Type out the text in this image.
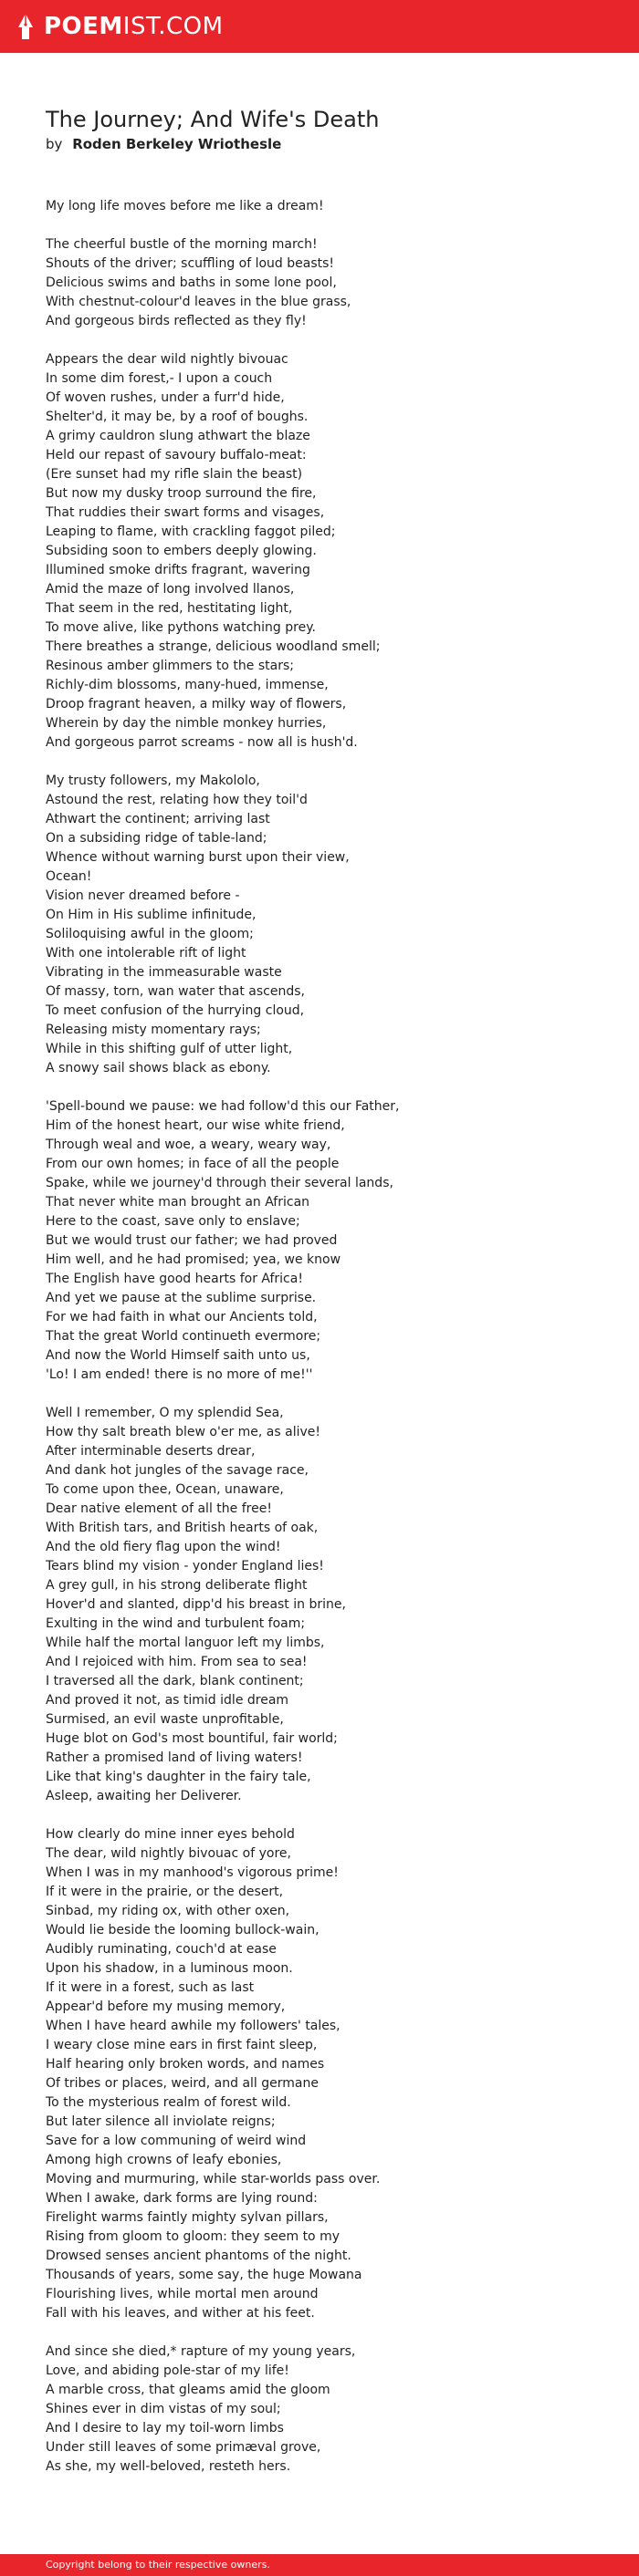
POEMIST.COM
The Journey; And Wife's Death
by Roden Berkeley Wriothesle
My long life moves before me like a dream!
The cheerful bustle of the morning march!
Shouts of the driver; scuffling of loud beasts!
Delicious swims and baths in some lone pool,
With chestnut-colour'd leaves in the blue grass,
And gorgeous birds reflected as they fly!
Appears the dear wild nightly bivouac
In some dim forest,- I upon a couch
Of woven rushes, under a furr'd hide,
Shelter'd, it may be, by a roof of boughs.
A grimy cauldron slung athwart the blaze
Held our repast of savoury buffalo-meat:
(Ere sunset had my rifle slain the beast)
But now my dusky troop surround the fire,
That ruddies their swart forms and visages,
Leaping to flame, with crackling faggot piled;
Subsiding soon to embers deeply glowing.
Illumined smoke drifts fragrant, wavering
Amid the maze of long involved llanos,
That seem in the red, hestitating light,
To move alive, like pythons watching prey.
There breathes a strange, delicious woodland smell;
Resinous amber glimmers to the stars;
Richly-dim blossoms, many-hued, immense,
Droop fragrant heaven, a milky way of flowers,
Wherein by day the nimble monkey hurries,
And gorgeous parrot screams - now all is hush'd.
My trusty followers, my Makololo,
Astound the rest, relating how they toil'd
Athwart the continent; arriving last
On a subsiding ridge of table-land;
Whence without warning burst upon their view,
Ocean!
Vision never dreamed before -
On Him in His sublime infinitude,
Soliloquising awful in the gloom;
With one intolerable rift of light
Vibrating in the immeasurable waste
Of massy, torn, wan water that ascends,
To meet confusion of the hurrying cloud,
Releasing misty momentary rays;
While in this shifting gulf of utter light,
A snowy sail shows black as ebony.
'Spell-bound we pause: we had follow'd this our Father,
Him of the honest heart, our wise white friend,
Through weal and woe, a weary, weary way,
From our own homes; in face of all the people
Spake, while we journey'd through their several lands,
That never white man brought an African
Here to the coast, save only to enslave;
But we would trust our father; we had proved
Him well, and he had promised; yea, we know
The English have good hearts for Africa!
And yet we pause at the sublime surprise.
For we had faith in what our Ancients told,
That the great World continueth evermore;
And now the World Himself saith unto us,
'Lo! I am ended! there is no more of me!''
Well I remember, O my splendid Sea,
How thy salt breath blew o'er me, as alive!
After interminable deserts drear,
And dank hot jungles of the savage race,
To come upon thee, Ocean, unaware,
Dear native element of all the free!
With British tars, and British hearts of oak,
And the old fiery flag upon the wind!
Tears blind my vision - yonder England lies!
A grey gull, in his strong deliberate flight
Hover'd and slanted, dipp'd his breast in brine,
Exulting in the wind and turbulent foam;
While half the mortal languor left my limbs,
And I rejoiced with him. From sea to sea!
I traversed all the dark, blank continent;
And proved it not, as timid idle dream
Surmised, an evil waste unprofitable,
Huge blot on God's most bountiful, fair world;
Rather a promised land of living waters!
Like that king's daughter in the fairy tale,
Asleep, awaiting her Deliverer.
How clearly do mine inner eyes behold
The dear, wild nightly bivouac of yore,
When I was in my manhood's vigorous prime!
If it were in the prairie, or the desert,
Sinbad, my riding ox, with other oxen,
Would lie beside the looming bullock-wain,
Audibly ruminating, couch'd at ease
Upon his shadow, in a luminous moon.
If it were in a forest, such as last
Appear'd before my musing memory,
When I have heard awhile my followers' tales,
I weary close mine ears in first faint sleep,
Half hearing only broken words, and names
Of tribes or places, weird, and all germane
To the mysterious realm of forest wild.
But later silence all inviolate reigns;
Save for a low communing of weird wind
Among high crowns of leafy ebonies,
Moving and murmuring, while star-worlds pass over.
When I awake, dark forms are lying round:
Firelight warms faintly mighty sylvan pillars,
Rising from gloom to gloom: they seem to my
Drowsed senses ancient phantoms of the night.
Thousands of years, some say, the huge Mowana
Flourishing lives, while mortal men around
Fall with his leaves, and wither at his feet.
And since she died,* rapture of my young years,
Love, and abiding pole-star of my life!
A marble cross, that gleams amid the gloom
Shines ever in dim vistas of my soul;
And I desire to lay my toil-worn limbs
Under still leaves of some primæval grove,
As she, my well-beloved, resteth hers.
Copyright belong to their respective owners.
